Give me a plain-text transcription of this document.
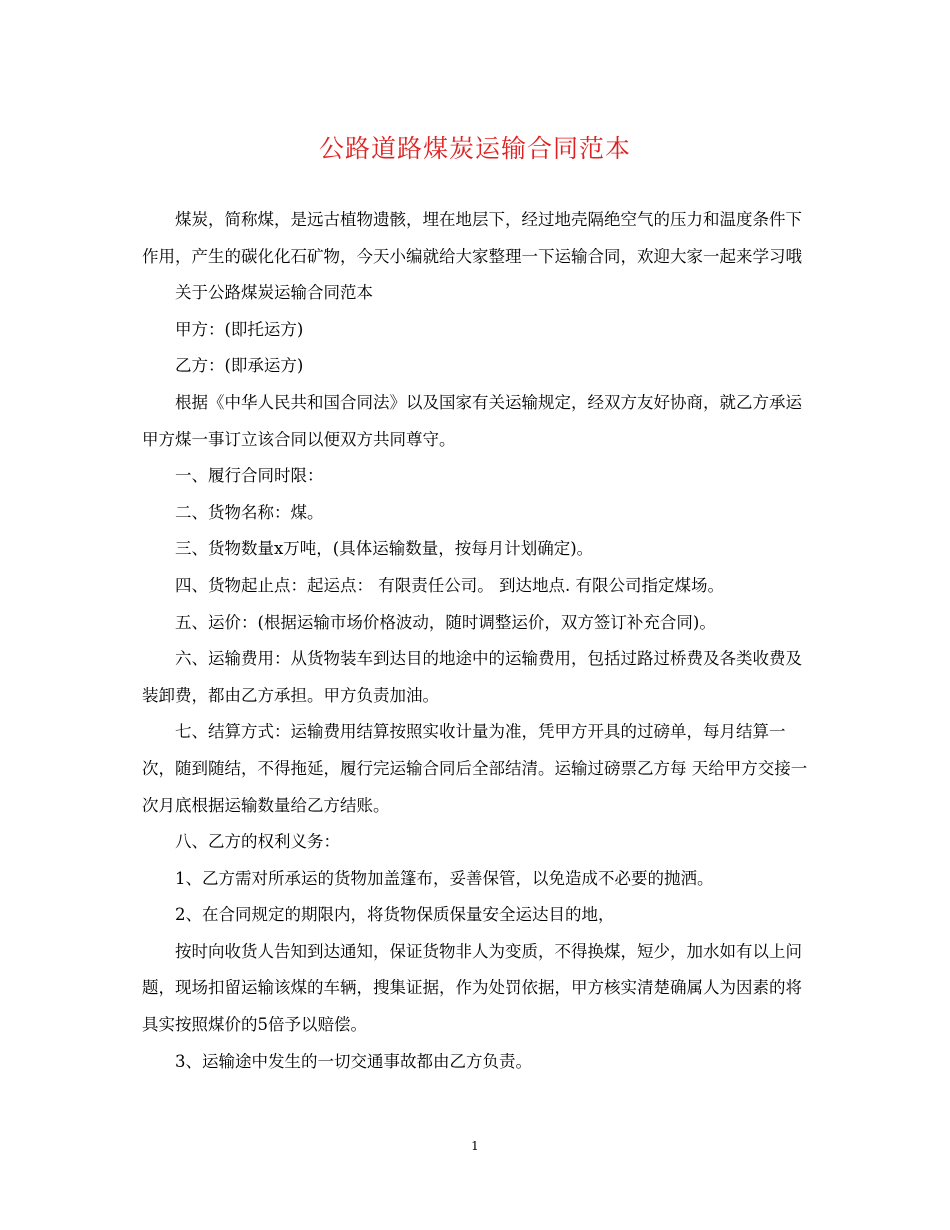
公路道路煤炭运输合同范本

煤炭，简称煤，是远古植物遗骸，埋在地层下，经过地壳隔绝空气的压力和温度条件下作用，产生的碳化化石矿物，今天小编就给大家整理一下运输合同，欢迎大家一起来学习哦

关于公路煤炭运输合同范本

甲方：(即托运方)

乙方：(即承运方)

根据《中华人民共和国合同法》以及国家有关运输规定，经双方友好协商，就乙方承运甲方煤一事订立该合同以便双方共同尊守。

一、履行合同时限：

二、货物名称：煤。

三、货物数量x万吨，(具体运输数量，按每月计划确定)。

四、货物起止点：起运点： 有限责任公司。 到达地点. 有限公司指定煤场。

五、运价：(根据运输市场价格波动，随时调整运价，双方签订补充合同)。

六、运输费用：从货物装车到达目的地途中的运输费用，包括过路过桥费及各类收费及装卸费，都由乙方承担。甲方负责加油。

七、结算方式：运输费用结算按照实收计量为准，凭甲方开具的过磅单，每月结算一次，随到随结，不得拖延，履行完运输合同后全部结清。运输过磅票乙方每 天给甲方交接一次月底根据运输数量给乙方结账。

八、乙方的权利义务：

1、乙方需对所承运的货物加盖篷布，妥善保管，以免造成不必要的抛洒。

2、在合同规定的期限内，将货物保质保量安全运达目的地，

按时向收货人告知到达通知，保证货物非人为变质，不得换煤，短少，加水如有以上问题，现场扣留运输该煤的车辆，搜集证据，作为处罚依据，甲方核实清楚确属人为因素的将具实按照煤价的5倍予以赔偿。

3、运输途中发生的一切交通事故都由乙方负责。

1
